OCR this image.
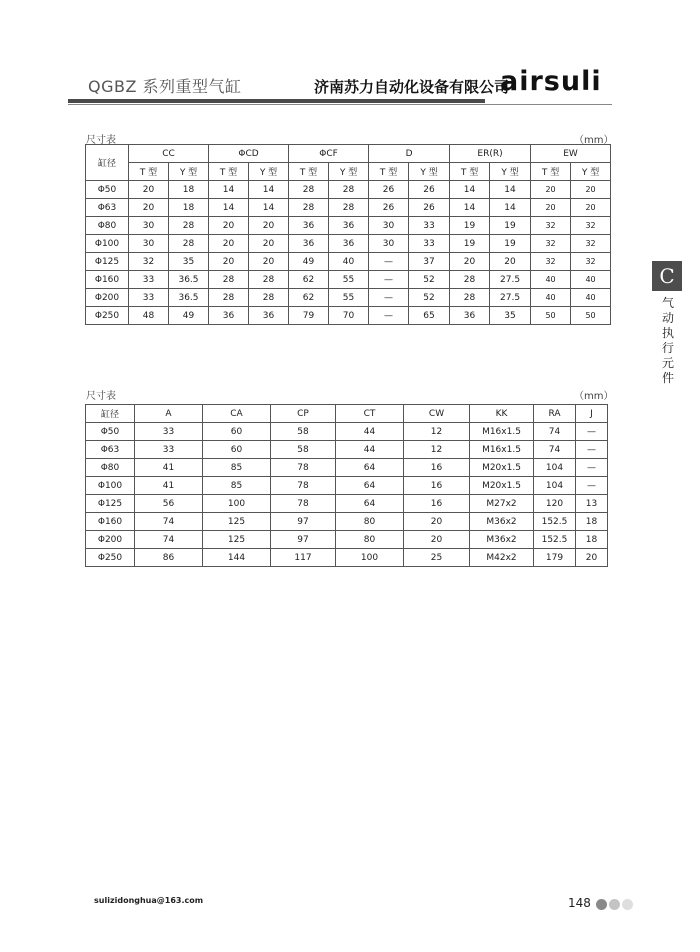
QGBZ 系列重型气缸	济南苏力自动化设备有限公司
airsuli
尺寸表	（mm）
缸径	CC		ΦCD		ΦCF		D		ER(R)		EW	
	T 型	Y 型	T 型	Y 型	T 型	Y 型	T 型	Y 型	T 型	Y 型	T 型	Y 型
Φ50	20	18	14	14	28	28	26	26	14	14	20	20
Φ63	20	18	14	14	28	28	26	26	14	14	20	20
Φ80	30	28	20	20	36	36	30	33	19	19	32	32
Φ100	30	28	20	20	36	36	30	33	19	19	32	32
Φ125	32	35	20	20	49	40	—	37	20	20	32	32
Φ160	33	36.5	28	28	62	55	—	52	28	27.5	40	40
Φ200	33	36.5	28	28	62	55	—	52	28	27.5	40	40
Φ250	48	49	36	36	79	70	—	65	36	35	50	50
尺寸表	（mm）
缸径	A	CA	CP	CT	CW	KK	RA	J
Φ50	33	60	58	44	12	M16x1.5	74	—
Φ63	33	60	58	44	12	M16x1.5	74	—
Φ80	41	85	78	64	16	M20x1.5	104	—
Φ100	41	85	78	64	16	M20x1.5	104	—
Φ125	56	100	78	64	16	M27x2	120	13
Φ160	74	125	97	80	20	M36x2	152.5	18
Φ200	74	125	97	80	20	M36x2	152.5	18
Φ250	86	144	117	100	25	M42x2	179	20
C
气动执行元件
sulizidonghua@163.com	148
